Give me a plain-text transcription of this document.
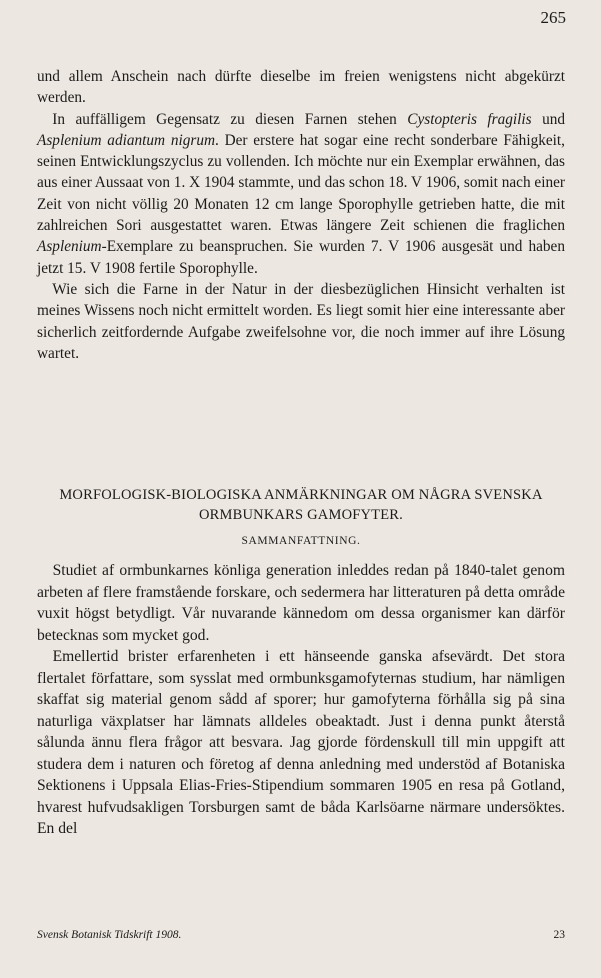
265

und allem Anschein nach dürfte dieselbe im freien wenigstens nicht abgekürzt werden.

 In auffälligem Gegensatz zu diesen Farnen stehen Cystopteris fragilis und Asplenium adiantum nigrum. Der erstere hat sogar eine recht sonderbare Fähigkeit, seinen Entwicklungszyclus zu vollenden. Ich möchte nur ein Exemplar erwähnen, das aus einer Aussaat von 1. X 1904 stammte, und das schon 18. V 1906, somit nach einer Zeit von nicht völlig 20 Monaten 12 cm lange Sporophylle getrieben hatte, die mit zahlreichen Sori ausgestattet waren. Etwas längere Zeit schienen die fraglichen Asplenium-Exemplare zu beanspruchen. Sie wurden 7. V 1906 ausgesät und haben jetzt 15. V 1908 fertile Sporophylle.

 Wie sich die Farne in der Natur in der diesbezüglichen Hinsicht verhalten ist meines Wissens noch nicht ermittelt worden. Es liegt somit hier eine interessante aber sicherlich zeitfordernde Aufgabe zweifelsohne vor, die noch immer auf ihre Lösung wartet.

MORFOLOGISK-BIOLOGISKA ANMÄRKNINGAR OM NÅGRA SVENSKA
ORMBUNKARS GAMOFYTER.
SAMMANFATTNING.

 Studiet af ormbunkarnes könliga generation inleddes redan på 1840-talet genom arbeten af flere framstående forskare, och sedermera har litteraturen på detta område vuxit högst betydligt. Vår nuvarande kännedom om dessa organismer kan därför betecknas som mycket god.

 Emellertid brister erfarenheten i ett hänseende ganska afsevärdt. Det stora flertalet författare, som sysslat med ormbunksgamofyternas studium, har nämligen skaffat sig material genom sådd af sporer; hur gamofyterna förhålla sig på sina naturliga växplatser har lämnats alldeles obeaktadt. Just i denna punkt återstå sålunda ännu flera frågor att besvara. Jag gjorde fördenskull till min uppgift att studera dem i naturen och företog af denna anledning med understöd af Botaniska Sektionens i Uppsala Elias-Fries-Stipendium sommaren 1905 en resa på Gotland, hvarest hufvudsakligen Torsburgen samt de båda Karlsöarne närmare undersöktes. En del

Svensk Botanisk Tidskrift 1908.	23
